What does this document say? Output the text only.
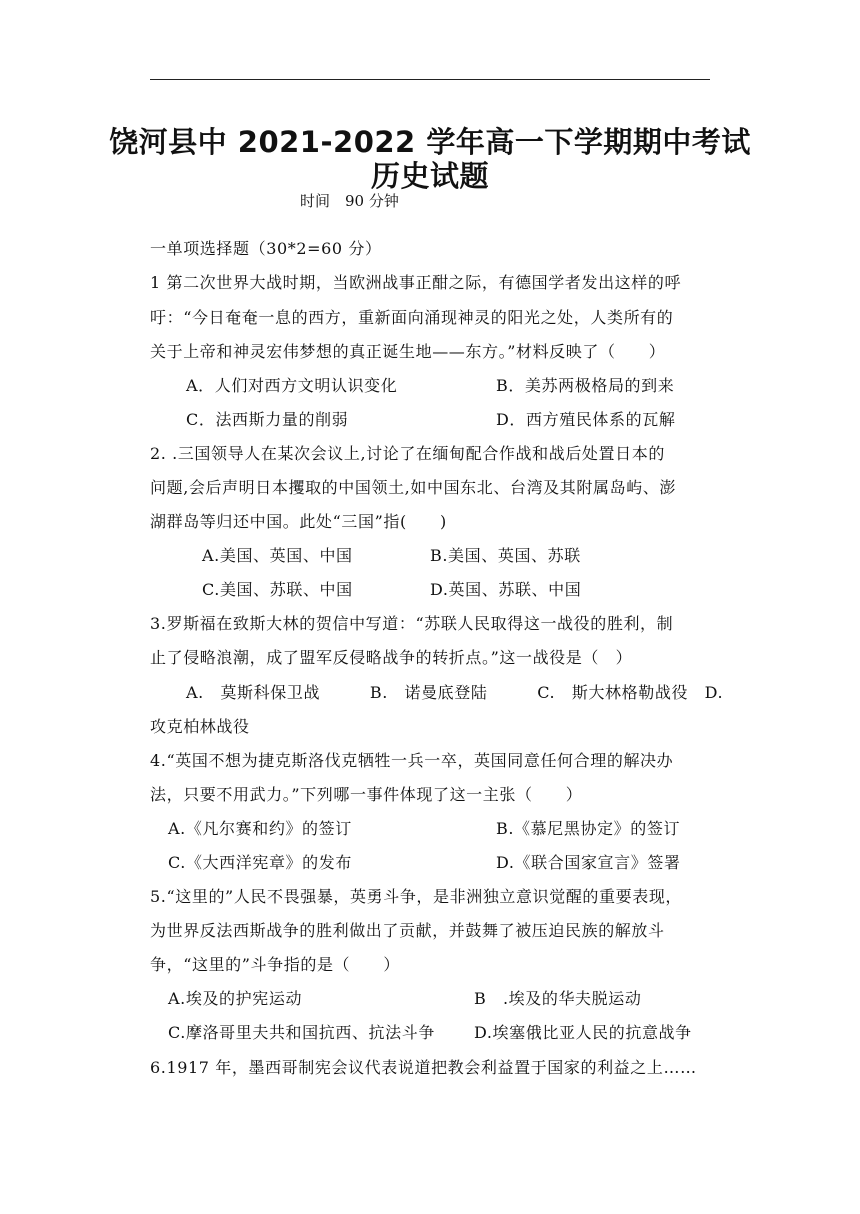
饶河县中 2021-2022 学年高一下学期期中考试
历史试题
时间　90 分钟
一单项选择题（30*2=60 分）
1 第二次世界大战时期，当欧洲战事正酣之际，有德国学者发出这样的呼
吁：“今日奄奄一息的西方，重新面向涌现神灵的阳光之处，人类所有的
关于上帝和神灵宏伟梦想的真正诞生地——东方。”材料反映了（　　）
A．人们对西方文明认识变化	B．美苏两极格局的到来
C．法西斯力量的削弱	D．西方殖民体系的瓦解
2. .三国领导人在某次会议上,讨论了在缅甸配合作战和战后处置日本的
问题,会后声明日本攫取的中国领土,如中国东北、台湾及其附属岛屿、澎
湖群岛等归还中国。此处“三国”指(　　)
A.美国、英国、中国	B.美国、英国、苏联
C.美国、苏联、中国	D.英国、苏联、中国
3.罗斯福在致斯大林的贺信中写道：“苏联人民取得这一战役的胜利，制
止了侵略浪潮，成了盟军反侵略战争的转折点。”这一战役是（　）
A.　莫斯科保卫战　　　B.　诺曼底登陆　　　C.　斯大林格勒战役　D.
攻克柏林战役
4.“英国不想为捷克斯洛伐克牺牲一兵一卒，英国同意任何合理的解决办
法，只要不用武力。”下列哪一事件体现了这一主张（　　）
A.《凡尔赛和约》的签订	B.《慕尼黑协定》的签订
C.《大西洋宪章》的发布	D.《联合国家宣言》签署
5.“这里的”人民不畏强暴，英勇斗争，是非洲独立意识觉醒的重要表现，
为世界反法西斯战争的胜利做出了贡献，并鼓舞了被压迫民族的解放斗
争，“这里的”斗争指的是（　　）
A.埃及的护宪运动	B　.埃及的华夫脱运动
C.摩洛哥里夫共和国抗西、抗法斗争 D.埃塞俄比亚人民的抗意战争
6.1917 年，墨西哥制宪会议代表说道把教会利益置于国家的利益之上……
